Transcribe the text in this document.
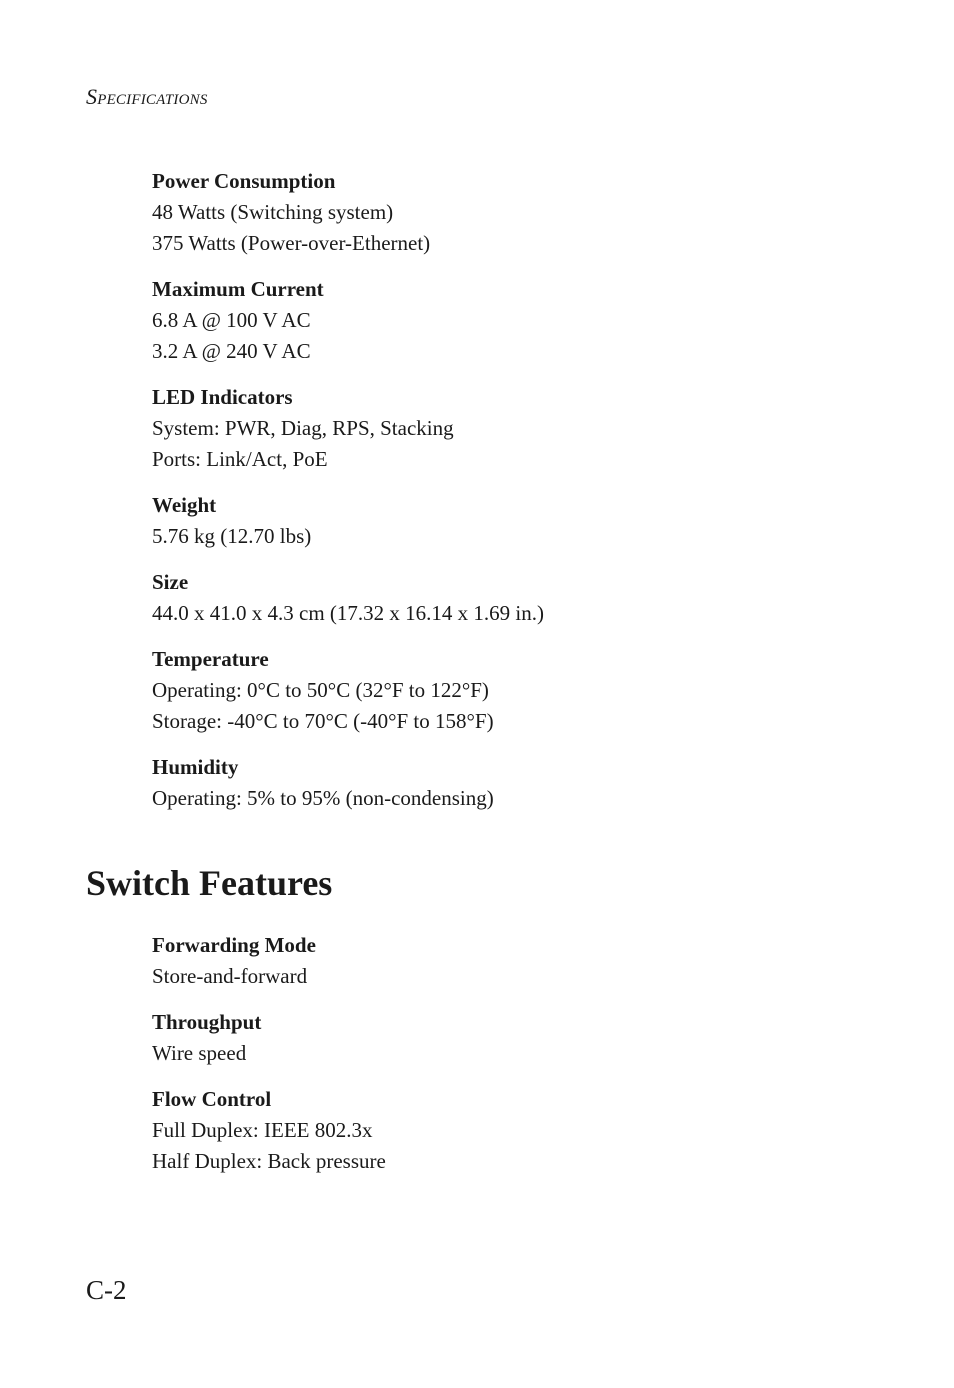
Specifications
Power Consumption
48 Watts (Switching system)
375 Watts (Power-over-Ethernet)
Maximum Current
6.8 A @ 100 V AC
3.2 A @ 240 V AC
LED Indicators
System: PWR, Diag, RPS, Stacking
Ports: Link/Act, PoE
Weight
5.76 kg (12.70 lbs)
Size
44.0 x 41.0 x 4.3 cm (17.32 x 16.14 x 1.69 in.)
Temperature
Operating: 0°C to 50°C (32°F to 122°F)
Storage: -40°C to 70°C (-40°F to 158°F)
Humidity
Operating: 5% to 95% (non-condensing)
Switch Features
Forwarding Mode
Store-and-forward
Throughput
Wire speed
Flow Control
Full Duplex: IEEE 802.3x
Half Duplex: Back pressure
C-2
